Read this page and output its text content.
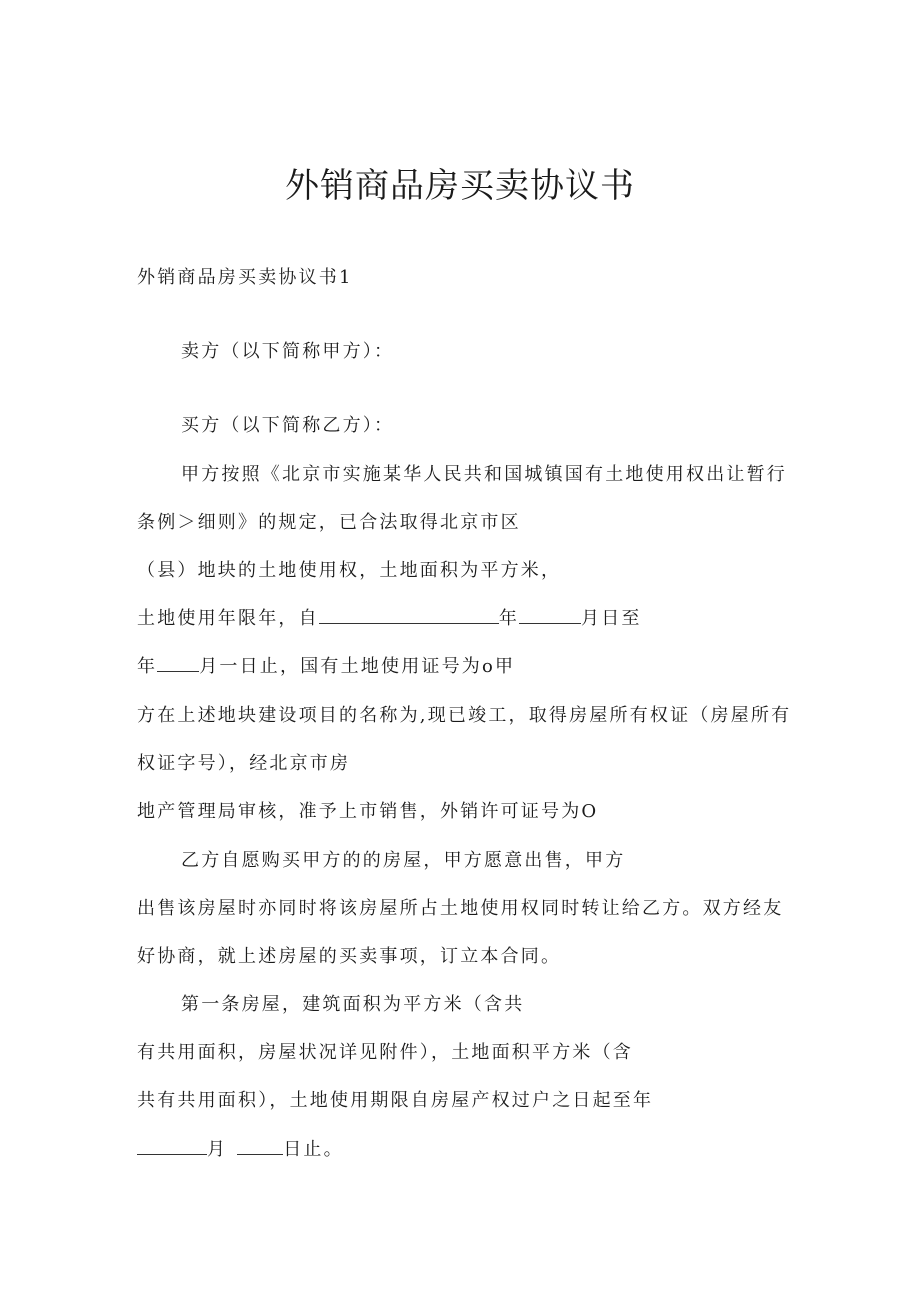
外销商品房买卖协议书
外销商品房买卖协议书1
卖方（以下简称甲方）：
买方（以下简称乙方）：
甲方按照《北京市实施某华人民共和国城镇国有土地使用权出让暂行
条例＞细则》的规定，已合法取得北京市区
（县）地块的土地使用权，土地面积为平方米，
土地使用年限年，自	年	月日至
年 月一日止，国有土地使用证号为o甲
方在上述地块建设项目的名称为,现已竣工，取得房屋所有权证（房屋所有
权证字号），经北京市房
地产管理局审核，准予上市销售，外销许可证号为O
乙方自愿购买甲方的的房屋，甲方愿意出售，甲方
出售该房屋时亦同时将该房屋所占土地使用权同时转让给乙方。双方经友
好协商，就上述房屋的买卖事项，订立本合同。
第一条房屋，建筑面积为平方米（含共
有共用面积，房屋状况详见附件），土地面积平方米（含
共有共用面积），土地使用期限自房屋产权过户之日起至年
月	日止。
